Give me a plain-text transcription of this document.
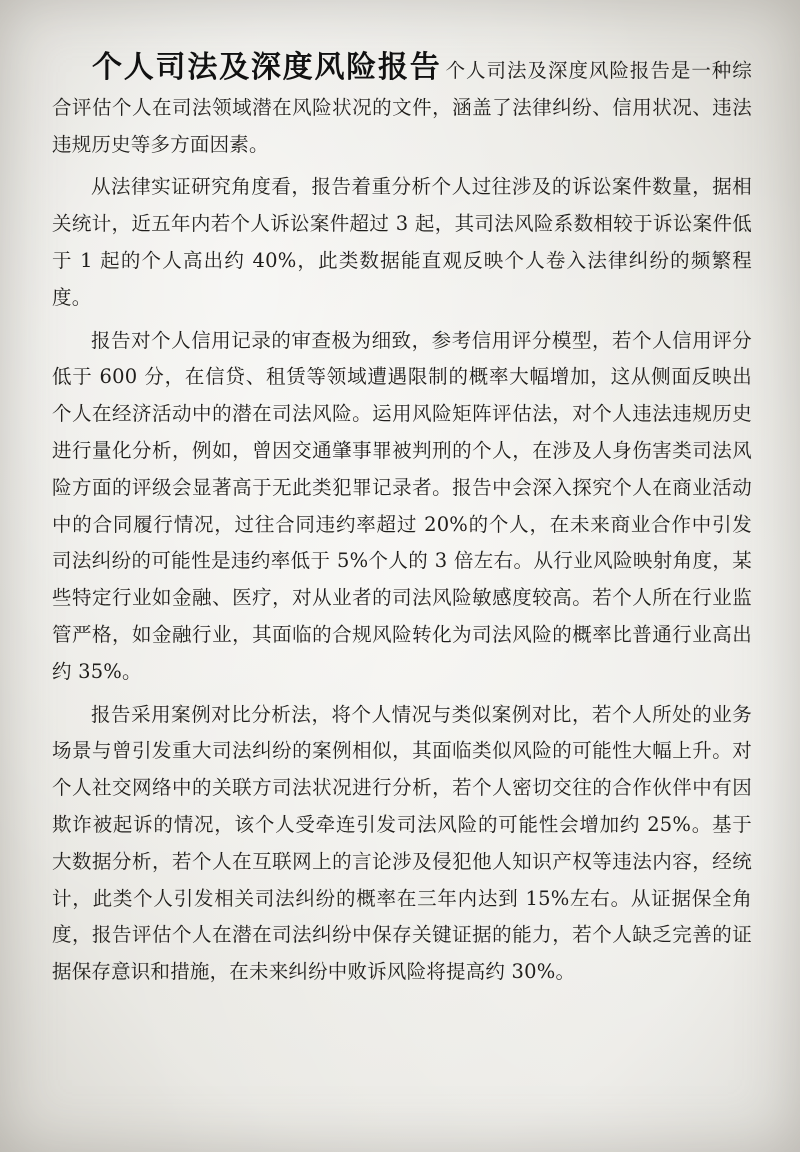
个人司法及深度风险报告 个人司法及深度风险报告是一种综合评估个人在司法领域潜在风险状况的文件，涵盖了法律纠纷、信用状况、违法违规历史等多方面因素。

从法律实证研究角度看，报告着重分析个人过往涉及的诉讼案件数量，据相关统计，近五年内若个人诉讼案件超过 3 起，其司法风险系数相较于诉讼案件低于 1 起的个人高出约 40%，此类数据能直观反映个人卷入法律纠纷的频繁程度。

报告对个人信用记录的审查极为细致，参考信用评分模型，若个人信用评分低于 600 分，在信贷、租赁等领域遭遇限制的概率大幅增加，这从侧面反映出个人在经济活动中的潜在司法风险。运用风险矩阵评估法，对个人违法违规历史进行量化分析，例如，曾因交通肇事罪被判刑的个人，在涉及人身伤害类司法风险方面的评级会显著高于无此类犯罪记录者。报告中会深入探究个人在商业活动中的合同履行情况，过往合同违约率超过 20%的个人，在未来商业合作中引发司法纠纷的可能性是违约率低于 5%个人的 3 倍左右。从行业风险映射角度，某些特定行业如金融、医疗，对从业者的司法风险敏感度较高。若个人所在行业监管严格，如金融行业，其面临的合规风险转化为司法风险的概率比普通行业高出约 35%。

报告采用案例对比分析法，将个人情况与类似案例对比，若个人所处的业务场景与曾引发重大司法纠纷的案例相似，其面临类似风险的可能性大幅上升。对个人社交网络中的关联方司法状况进行分析，若个人密切交往的合作伙伴中有因欺诈被起诉的情况，该个人受牵连引发司法风险的可能性会增加约 25%。基于大数据分析，若个人在互联网上的言论涉及侵犯他人知识产权等违法内容，经统计，此类个人引发相关司法纠纷的概率在三年内达到 15%左右。从证据保全角度，报告评估个人在潜在司法纠纷中保存关键证据的能力，若个人缺乏完善的证据保存意识和措施，在未来纠纷中败诉风险将提高约 30%。
